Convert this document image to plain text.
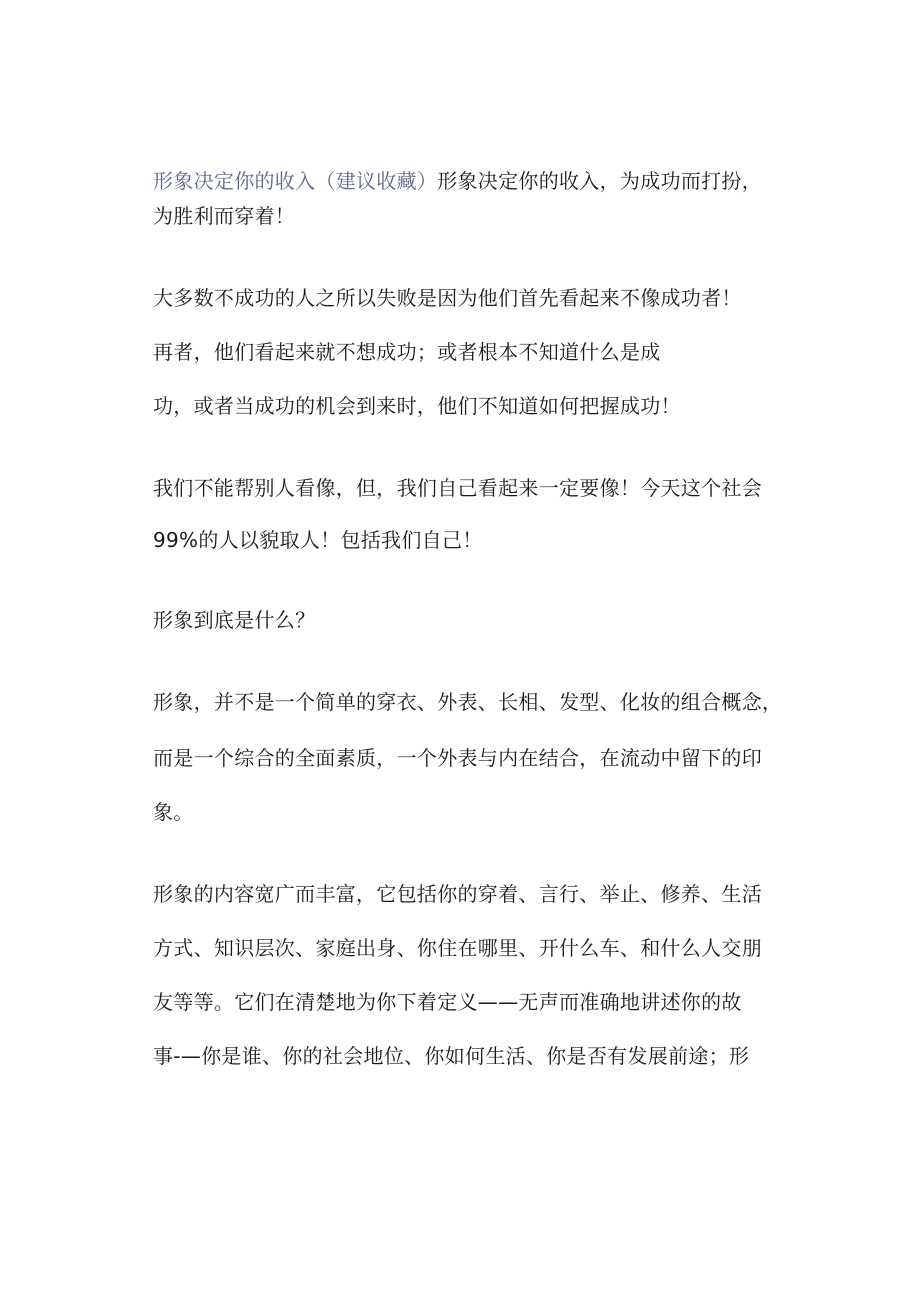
形象决定你的收入（建议收藏）形象决定你的收入，为成功而打扮，
为胜利而穿着！
大多数不成功的人之所以失败是因为他们首先看起来不像成功者！
再者，他们看起来就不想成功；或者根本不知道什么是成
功，或者当成功的机会到来时，他们不知道如何把握成功！
我们不能帮别人看像，但，我们自己看起来一定要像！今天这个社会
99%的人以貌取人！包括我们自己！
形象到底是什么？
形象，并不是一个简单的穿衣、外表、长相、发型、化妆的组合概念，
而是一个综合的全面素质，一个外表与内在结合，在流动中留下的印
象。
形象的内容宽广而丰富，它包括你的穿着、言行、举止、修养、生活
方式、知识层次、家庭出身、你住在哪里、开什么车、和什么人交朋
友等等。它们在清楚地为你下着定义——无声而准确地讲述你的故
事-—你是谁、你的社会地位、你如何生活、你是否有发展前途；形
